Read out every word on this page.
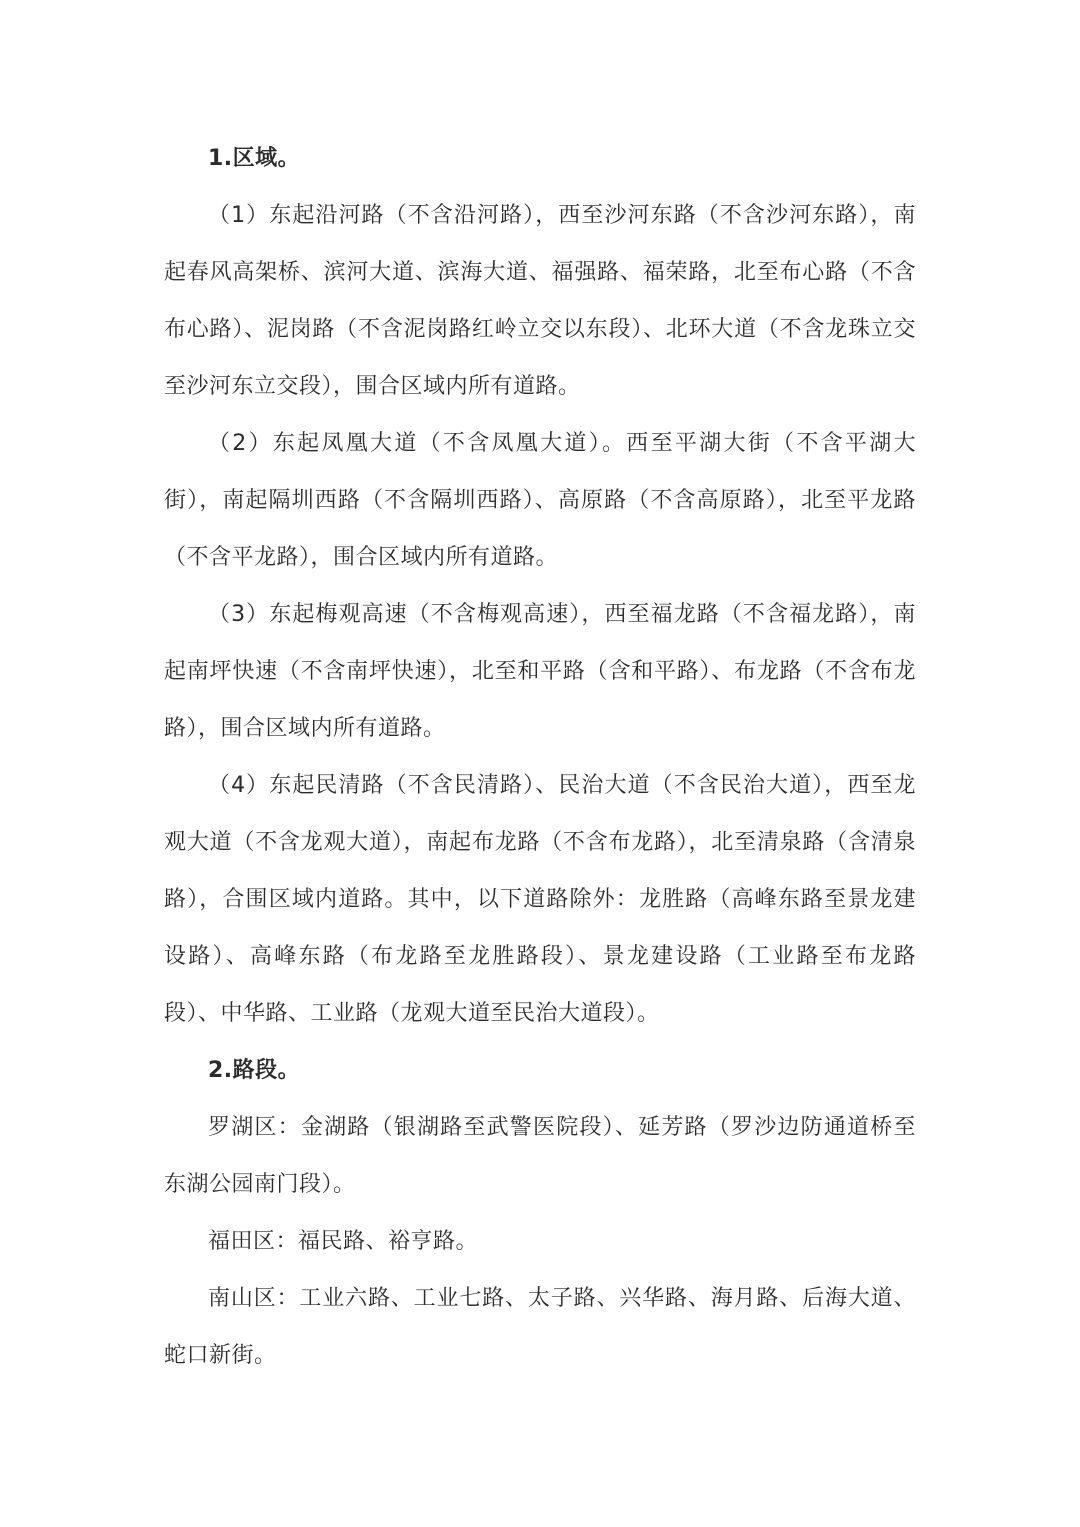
1.区域。

（1）东起沿河路（不含沿河路），西至沙河东路（不含沙河东路），南起春风高架桥、滨河大道、滨海大道、福强路、福荣路，北至布心路（不含布心路）、泥岗路（不含泥岗路红岭立交以东段）、北环大道（不含龙珠立交至沙河东立交段），围合区域内所有道路。

（2）东起凤凰大道（不含凤凰大道）。西至平湖大街（不含平湖大街），南起隔圳西路（不含隔圳西路）、高原路（不含高原路），北至平龙路（不含平龙路），围合区域内所有道路。

（3）东起梅观高速（不含梅观高速），西至福龙路（不含福龙路），南起南坪快速（不含南坪快速），北至和平路（含和平路）、布龙路（不含布龙路），围合区域内所有道路。

（4）东起民清路（不含民清路）、民治大道（不含民治大道），西至龙观大道（不含龙观大道），南起布龙路（不含布龙路），北至清泉路（含清泉路），合围区域内道路。其中，以下道路除外：龙胜路（高峰东路至景龙建设路）、高峰东路（布龙路至龙胜路段）、景龙建设路（工业路至布龙路段）、中华路、工业路（龙观大道至民治大道段）。

2.路段。

罗湖区：金湖路（银湖路至武警医院段）、延芳路（罗沙边防通道桥至东湖公园南门段）。

福田区：福民路、裕亨路。

南山区：工业六路、工业七路、太子路、兴华路、海月路、后海大道、蛇口新街。
